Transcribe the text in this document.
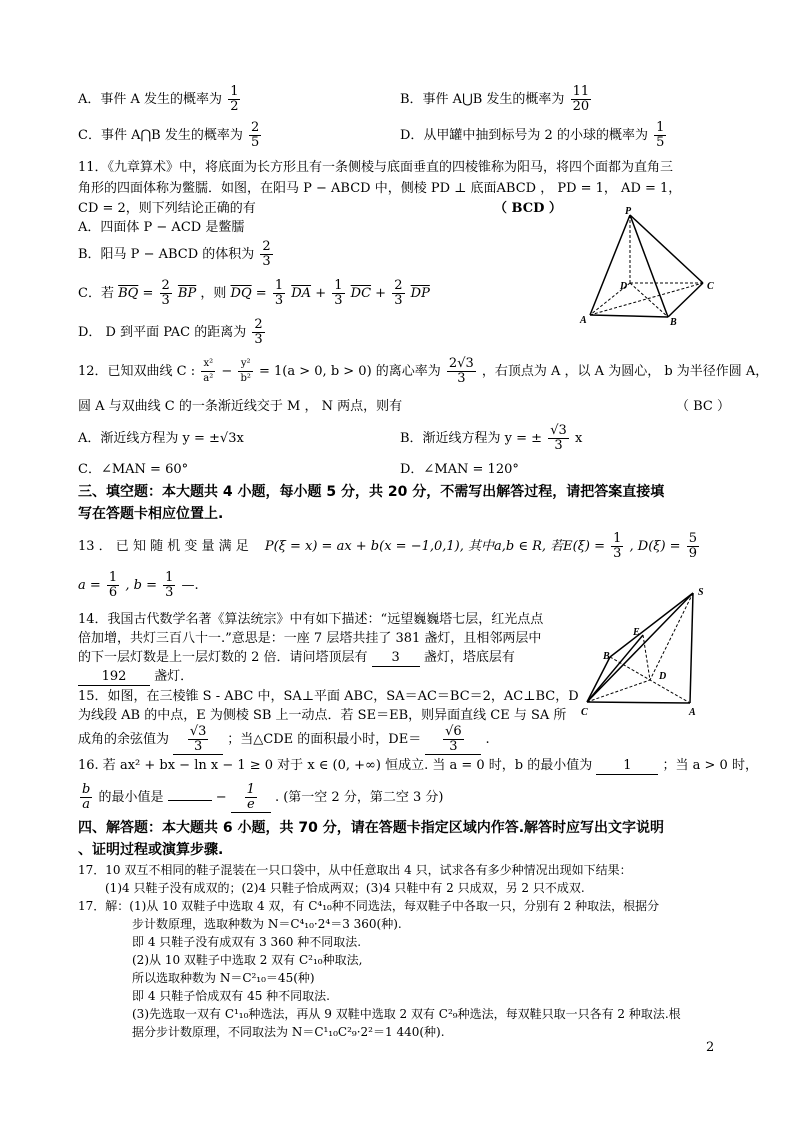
A．事件 A 发生的概率为 $\frac{1}{2}$	B．事件 A⋃B 发生的概率为 $\frac{11}{20}$
C．事件 A⋂B 发生的概率为 $\frac{2}{5}$	D．从甲罐中抽到标号为 2 的小球的概率为 $\frac{1}{5}$
11．《九章算术》中，将底面为长方形且有一条侧棱与底面垂直的四棱锥称为阳马，将四个面都为直角三
角形的四面体称为鳖臑．如图，在阳马 P − ABCD 中，侧棱 PD ⊥ 底面ABCD ， PD = 1， AD = 1，
CD = 2，则下列结论正确的有	（ BCD ）
A．四面体 P − ACD 是鳖臑
B．阳马 P − ABCD 的体积为 $\frac{2}{3}$
C．若 $\overline{BQ} = \frac{2}{3} \overline{BP}$ ，则 $\overline{DQ} = \frac{1}{3} \overline{DA} + \frac{1}{3} \overline{DC} + \frac{2}{3} \overline{DP}$
D． D 到平面 PAC 的距离为 $\frac{2}{3}$
P
D	C
A	B
12．已知双曲线 C : $\frac{\text{x²}}{\text{a²}} - \frac{\text{y²}}{\text{b²}} = 1(a > 0$, b > 0) 的离心率为 $\frac{2√3}{3}$ ，右顶点为 A ，以 A 为圆心， b 为半径作圆 A，
圆 A 与双曲线 C 的一条渐近线交于 M ， N 两点，则有	（ BC ）
A．渐近线方程为 y = ±√3x	B．渐近线方程为 y = ± $\frac{√3}{3}$ x
C．∠MAN = 60°	D．∠MAN = 120°
三、填空题：本大题共 4 小题，每小题 5 分，共 20 分，不需写出解答过程，请把答案直接填
写在答题卡相应位置上.
13 ． 已 知 随 机 变 量 满 足 P(ξ = x) = ax + b(x = −1,0,1), 其中a,b ∈ R, 若$E(\xi) = \frac{1}{3}$ , $D(\xi) = \frac{5}{9}$
$a = \frac{1}{6}$ , $b = \frac{1}{3}$ —.
14．我国古代数学名著《算法统宗》中有如下描述：“远望巍巍塔七层，红光点点
倍加增，共灯三百八十一.”意思是：一座 7 层塔共挂了 381 盏灯，且相邻两层中
的下一层灯数是上一层灯数的 2 倍．请问塔顶层有 3 盏灯，塔底层有
192 盏灯．
15．如图，在三棱锥 S - ABC 中，SA⊥平面 ABC，SA＝AC＝BC＝2，AC⊥BC，D
为线段 AB 的中点，E 为侧棱 SB 上一动点．若 SE＝EB，则异面直线 CE 与 SA 所
成角的余弦值为 $\frac{√3}{3}$ ；当△CDE 的面积最小时，$DE= \frac{√6}{3}$ .
S
E
B
D
C	A
16. 若 ax² + bx − ln x − 1 ≥ 0 对于 x ∈ (0, +∞) 恒成立. 当 a = 0 时，b 的最小值为 1 ；当 a > 0 时，
$\frac{b}{a}$ 的最小值是	− $\frac{1}{e}$ . (第一空 2 分，第二空 3 分)
四、解答题：本大题共 6 小题，共 70 分，请在答题卡指定区域内作答.解答时应写出文字说明
、证明过程或演算步骤.
17．10 双互不相同的鞋子混装在一只口袋中，从中任意取出 4 只，试求各有多少种情况出现如下结果：
(1)4 只鞋子没有成双的；(2)4 只鞋子恰成两双；(3)4 只鞋中有 2 只成双，另 2 只不成双.
17．解：(1)从 10 双鞋子中选取 4 双，有 C⁴₁₀种不同选法，每双鞋子中各取一只，分别有 2 种取法，根据分
步计数原理，选取种数为 N＝C⁴₁₀·2⁴＝3 360(种).
即 4 只鞋子没有成双有 3 360 种不同取法.
(2)从 10 双鞋子中选取 2 双有 C²₁₀种取法,
所以选取种数为 N＝C²₁₀＝45(种)
即 4 只鞋子恰成双有 45 种不同取法.
(3)先选取一双有 C¹₁₀种选法，再从 9 双鞋中选取 2 双有 C²₉种选法，每双鞋只取一只各有 2 种取法.根
据分步计数原理，不同取法为 N＝C¹₁₀C²₉·2²＝1 440(种).
2
